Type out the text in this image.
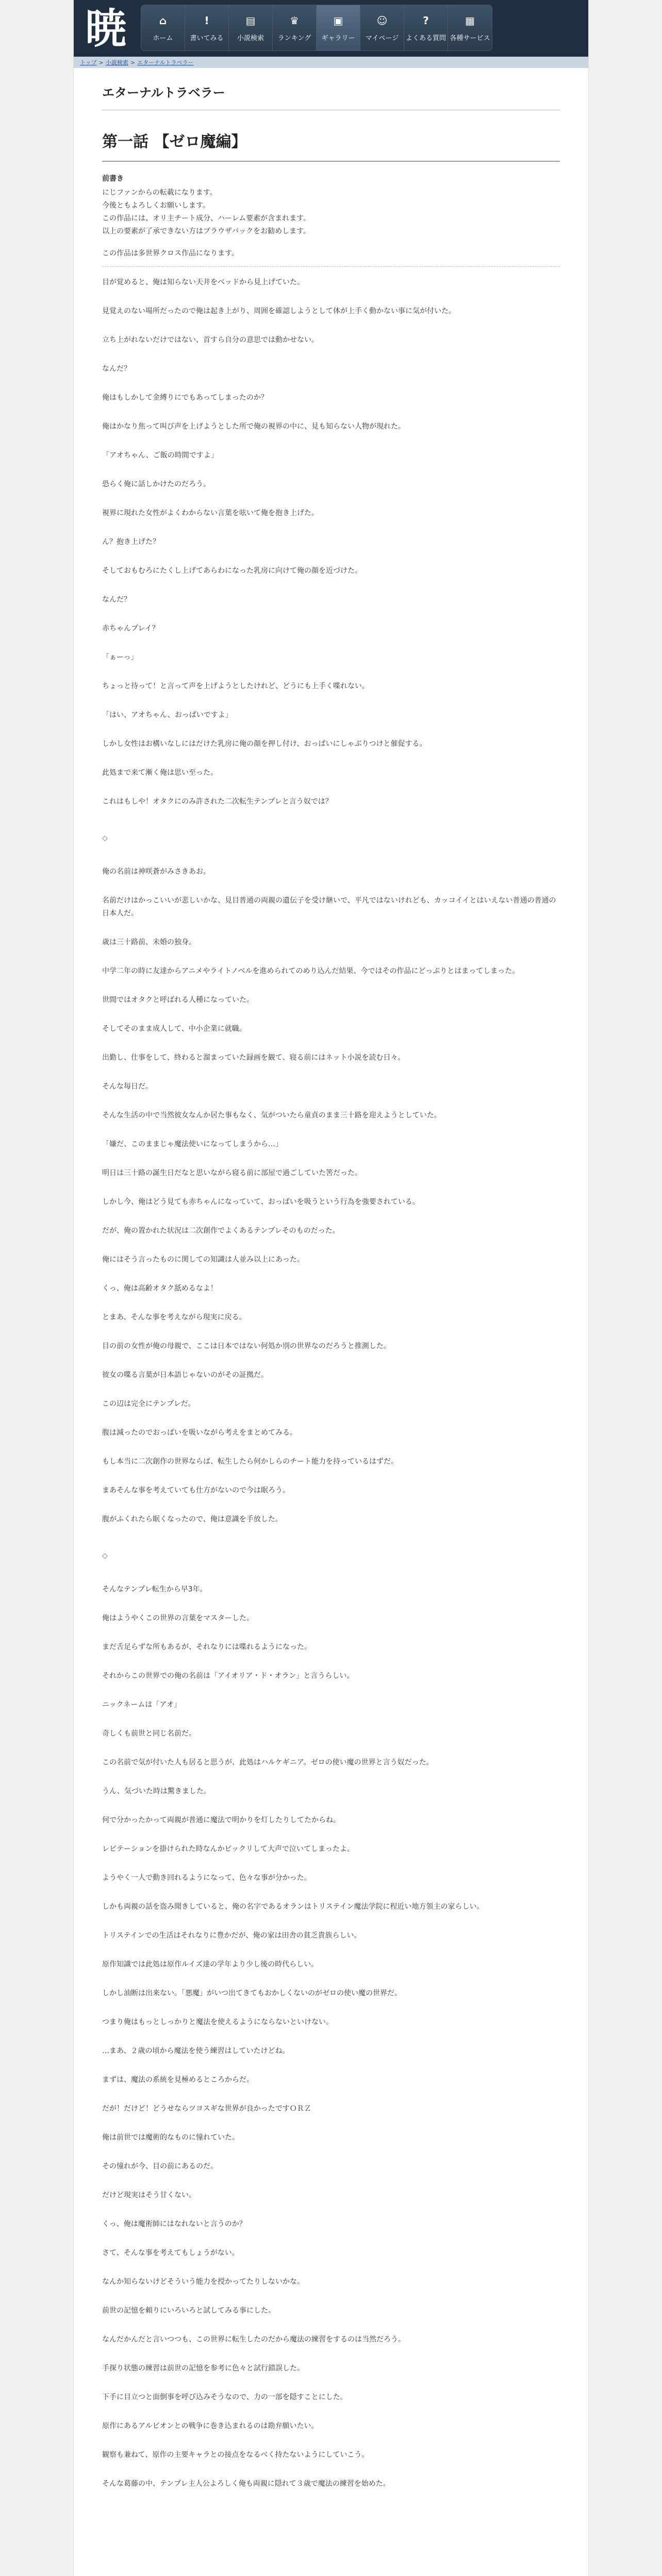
暁	⌂
ホーム
!
書いてみる
▤
小説検索
♛
ランキング
▣
ギャラリー
☺
マイページ
?
よくある質問
▦
各種サービス
トップ > 小説検索 > エターナルトラベラー
エターナルトラベラー
第一話 【ゼロ魔編】
前書き

にじファンからの転載になります。

今後ともよろしくお願いします。

この作品には、オリ主チート成分、ハーレム要素が含まれます。

以上の要素が了承できない方はブラウザバックをお勧めします。

この作品は多世界クロス作品になります。

目が覚めると、俺は知らない天井をベッドから見上げていた。

見覚えのない場所だったので俺は起き上がり、周囲を確認しようとして体が上手く動かない事に気が付いた。

立ち上がれないだけではない、首すら自分の意思では動かせない。

なんだ？

俺はもしかして金縛りにでもあってしまったのか？

俺はかなり焦って叫び声を上げようとした所で俺の視界の中に、見も知らない人物が現れた。

「アオちゃん、ご飯の時間ですよ」

恐らく俺に話しかけたのだろう。

視界に現れた女性がよくわからない言葉を呟いて俺を抱き上げた。

ん？抱き上げた？

そしておもむろにたくし上げてあらわになった乳房に向けて俺の顔を近づけた。

なんだ？

赤ちゃんプレイ？

「ぁーっ」

ちょっと待って！と言って声を上げようとしたけれど、どうにも上手く喋れない。

「はい、アオちゃん、おっぱいですよ」

しかし女性はお構いなしにはだけた乳房に俺の顔を押し付け、おっぱいにしゃぶりつけと催促する。

此処まで来て漸く俺は思い至った。

これはもしや！オタクにのみ許された二次転生テンプレと言う奴では？

◇

俺の名前は神咲蒼がみさきあお。

名前だけはかっこいいが悲しいかな、見目普通の両親の遺伝子を受け継いで、平凡ではないけれども、カッコイイとはいえない普通の普通の日本人だ。

歳は三十路前、未婚の独身。

中学二年の時に友達からアニメやライトノベルを進められてのめり込んだ結果、今ではその作品にどっぷりとはまってしまった。

世間ではオタクと呼ばれる人種になっていた。

そしてそのまま成人して、中小企業に就職。

出勤し、仕事をして、終わると溜まっていた録画を観て、寝る前にはネット小説を読む日々。

そんな毎日だ。

そんな生活の中で当然彼女なんか居た事もなく、気がついたら童貞のまま三十路を迎えようとしていた。

「嫌だ、このままじゃ魔法使いになってしまうから…」

明日は三十路の誕生日だなと思いながら寝る前に部屋で過ごしていた筈だった。

しかし今、俺はどう見ても赤ちゃんになっていて、おっぱいを吸うという行為を強要されている。

だが、俺の置かれた状況は二次創作でよくあるテンプレそのものだった。

俺にはそう言ったものに関しての知識は人並み以上にあった。

くっ、俺は高齢オタク舐めるなよ！

とまあ、そんな事を考えながら現実に戻る。

目の前の女性が俺の母親で、ここは日本ではない何処か別の世界なのだろうと推測した。

彼女の喋る言葉が日本語じゃないのがその証拠だ。

この辺は完全にテンプレだ。

腹は減ったのでおっぱいを吸いながら考えをまとめてみる。

もし本当に二次創作の世界ならば、転生したら何かしらのチート能力を持っているはずだ。

まあそんな事を考えていても仕方がないので今は眠ろう。

腹がふくれたら眠くなったので、俺は意識を手放した。

◇

そんなテンプレ転生から早3年。

俺はようやくこの世界の言葉をマスターした。

まだ舌足らずな所もあるが、それなりには喋れるようになった。

それからこの世界での俺の名前は「アイオリア・ド・オラン」と言うらしい。

ニックネームは「アオ」

奇しくも前世と同じ名前だ。

この名前で気が付いた人も居ると思うが、此処はハルケギニア。ゼロの使い魔の世界と言う奴だった。

うん、気づいた時は驚きました。

何で分かったかって両親が普通に魔法で明かりを灯したりしてたからね。

レビテーションを掛けられた時なんかビックリして大声で泣いてしまったよ。

ようやく一人で動き回れるようになって、色々な事が分かった。

しかも両親の話を盗み聞きしていると、俺の名字であるオランはトリステイン魔法学院に程近い地方領主の家らしい。

トリステインでの生活はそれなりに豊かだが、俺の家は田舎の貧乏貴族らしい。

原作知識では此処は原作ルイズ達の学年より少し後の時代らしい。

しかし油断は出来ない。「悪魔」がいつ出てきてもおかしくないのがゼロの使い魔の世界だ。

つまり俺はもっとしっかりと魔法を使えるようにならないといけない。

…まあ、２歳の頃から魔法を使う練習はしていたけどね。

まずは、魔法の系統を見極めるところからだ。

だが！だけど！どうせならツヨスギな世界が良かったですＯＲＺ

俺は前世では魔術的なものに憧れていた。

その憧れが今、目の前にあるのだ。

だけど現実はそう甘くない。

くっ、俺は魔術師にはなれないと言うのか？

さて、そんな事を考えてもしょうがない。

なんか知らないけどそういう能力を授かってたりしないかな。

前世の記憶を頼りにいろいろと試してみる事にした。

なんだかんだと言いつつも、この世界に転生したのだから魔法の練習をするのは当然だろう。

手探り状態の練習は前世の記憶を参考に色々と試行錯誤した。

下手に目立つと面倒事を呼び込みそうなので、力の一部を隠すことにした。

原作にあるアルビオンとの戦争に巻き込まれるのは勘弁願いたい。

観察も兼ねて、原作の主要キャラとの接点をなるべく持たないようにしていこう。

そんな葛藤の中、テンプレ主人公よろしく俺も両親に隠れて３歳で魔法の練習を始めた。
